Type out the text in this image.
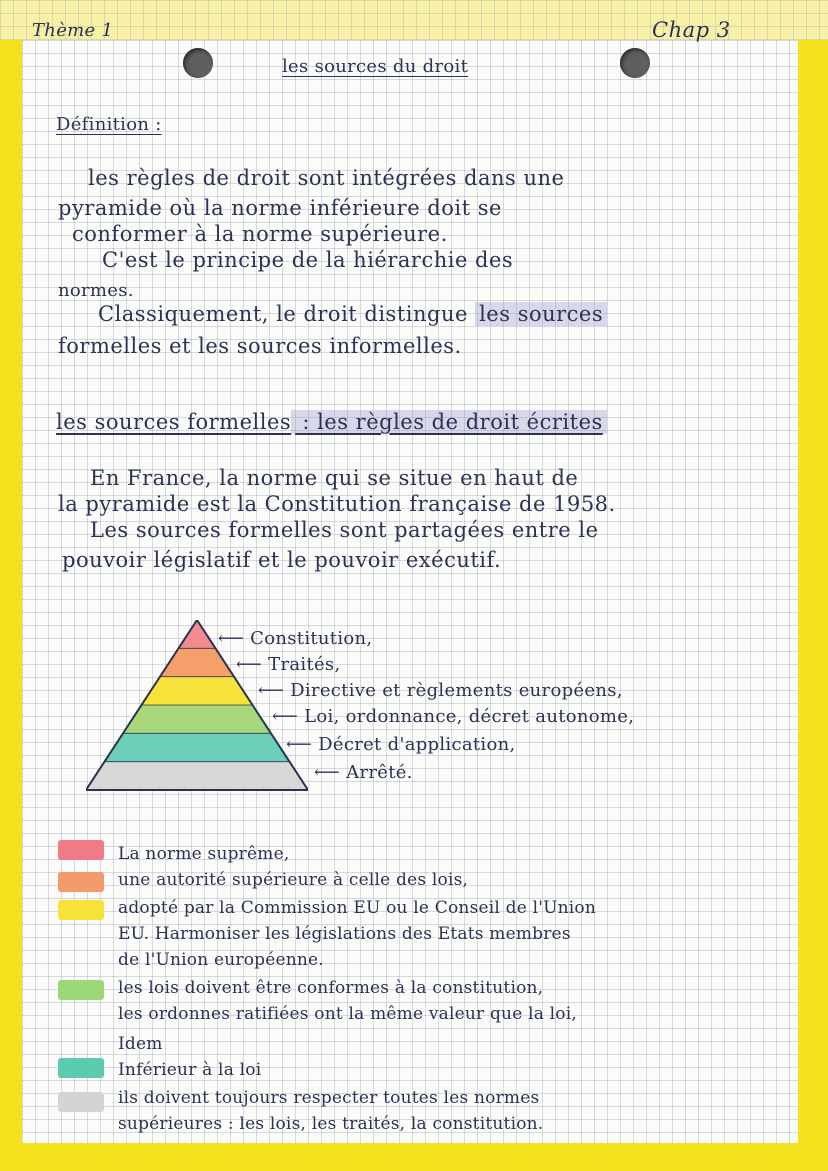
Thème 1	Chap 3
les sources du droit
Définition :
les règles de droit sont intégrées dans une
pyramide où la norme inférieure doit se
conformer à la norme supérieure.
C'est le principe de la hiérarchie des
normes.
Classiquement, le droit distingue les sources
formelles et les sources informelles.
les sources formelles : les règles de droit écrites
En France, la norme qui se situe en haut de
la pyramide est la Constitution française de 1958.
Les sources formelles sont partagées entre le
pouvoir législatif et le pouvoir exécutif.
⟵ Constitution,
⟵ Traités,
⟵ Directive et règlements européens,
⟵ Loi, ordonnance, décret autonome,
⟵ Décret d'application,
⟵ Arrêté.
La norme suprême,
une autorité supérieure à celle des lois,
adopté par la Commission EU ou le Conseil de l'Union
EU. Harmoniser les législations des Etats membres
de l'Union européenne.
les lois doivent être conformes à la constitution,
les ordonnes ratifiées ont la même valeur que la loi,
Idem
Inférieur à la loi
ils doivent toujours respecter toutes les normes
supérieures : les lois, les traités, la constitution.
